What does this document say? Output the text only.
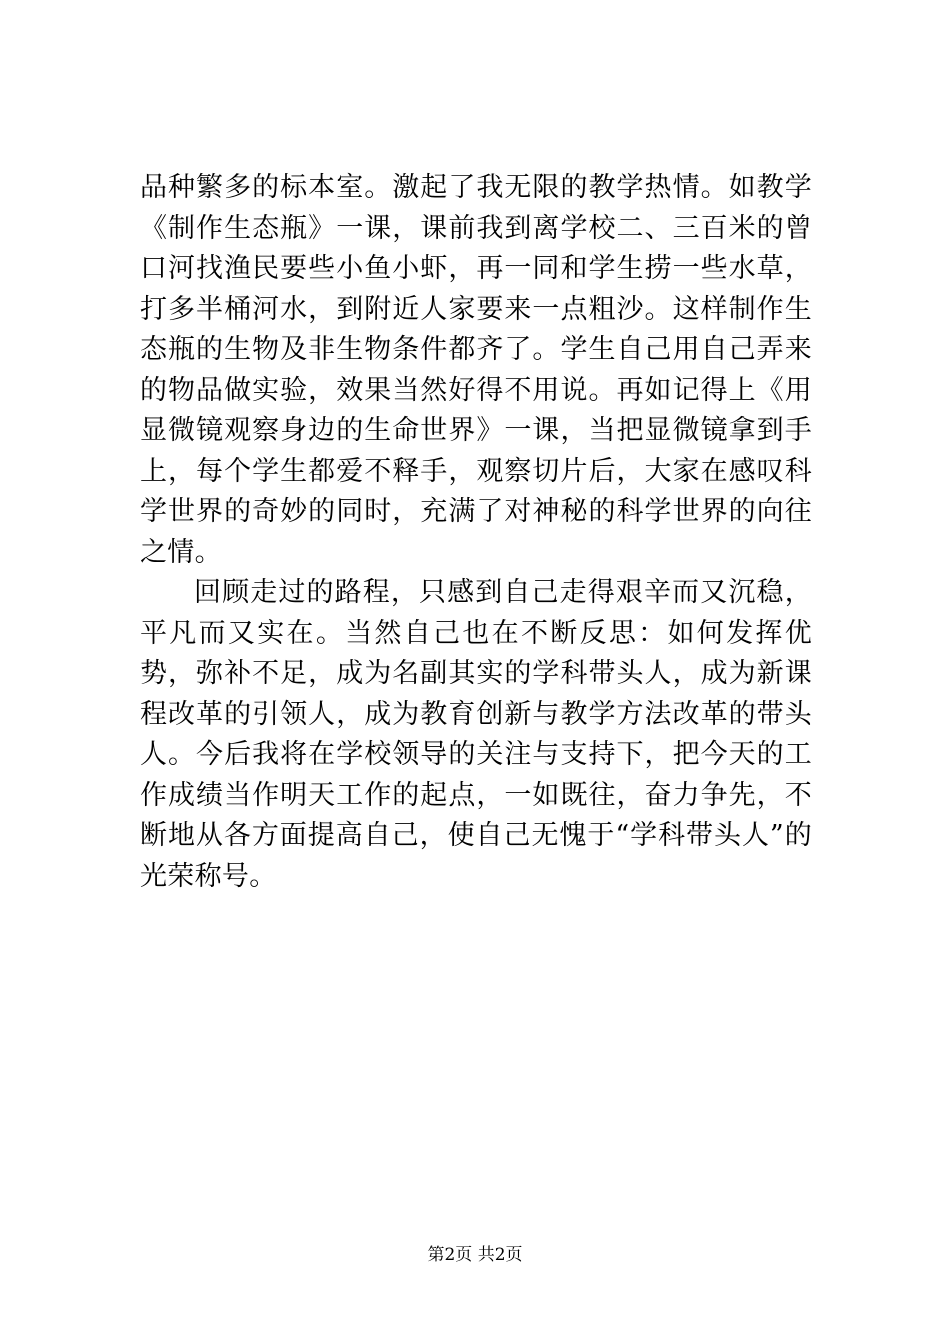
品种繁多的标本室。激起了我无限的教学热情。如教学《制作生态瓶》一课，课前我到离学校二、三百米的曾口河找渔民要些小鱼小虾，再一同和学生捞一些水草，打多半桶河水，到附近人家要来一点粗沙。这样制作生态瓶的生物及非生物条件都齐了。学生自己用自己弄来的物品做实验，效果当然好得不用说。再如记得上《用显微镜观察身边的生命世界》一课，当把显微镜拿到手上，每个学生都爱不释手，观察切片后，大家在感叹科学世界的奇妙的同时，充满了对神秘的科学世界的向往之情。

回顾走过的路程，只感到自己走得艰辛而又沉稳，平凡而又实在。当然自己也在不断反思：如何发挥优势，弥补不足，成为名副其实的学科带头人，成为新课程改革的引领人，成为教育创新与教学方法改革的带头人。今后我将在学校领导的关注与支持下，把今天的工作成绩当作明天工作的起点，一如既往，奋力争先，不断地从各方面提高自己，使自己无愧于“学科带头人”的光荣称号。

第2页 共2页
